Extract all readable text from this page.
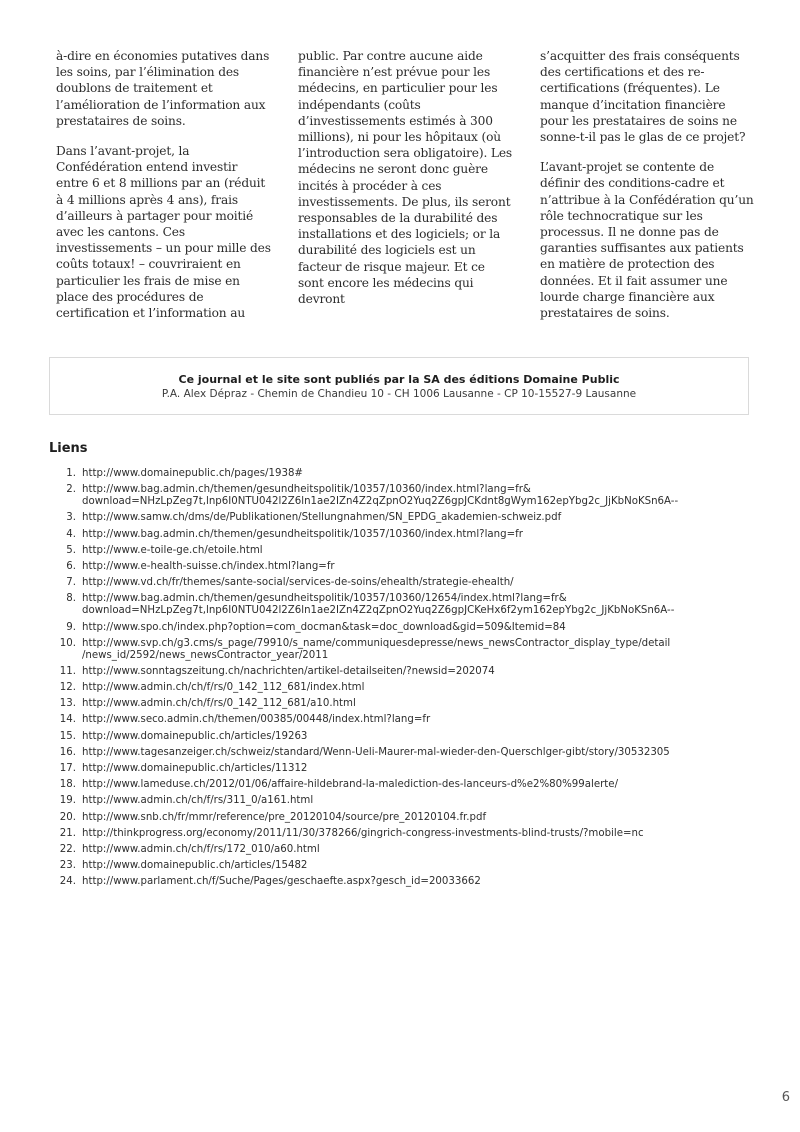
à-dire en économies putatives dans les soins, par l’élimination des doublons de traitement et l’amélioration de l’information aux prestataires de soins.

Dans l’avant-projet, la Confédération entend investir entre 6 et 8 millions par an (réduit à 4 millions après 4 ans), frais d’ailleurs à partager pour moitié avec les cantons. Ces investissements – un pour mille des coûts totaux! – couvriraient en particulier les frais de mise en place des procédures de certification et l’information au

public. Par contre aucune aide financière n’est prévue pour les médecins, en particulier pour les indépendants (coûts d’investissements estimés à 300 millions), ni pour les hôpitaux (où l’introduction sera obligatoire). Les médecins ne seront donc guère incités à procéder à ces investissements. De plus, ils seront responsables de la durabilité des installations et des logiciels; or la durabilité des logiciels est un facteur de risque majeur. Et ce sont encore les médecins qui devront

s’acquitter des frais conséquents des certifications et des re-certifications (fréquentes). Le manque d’incitation financière pour les prestataires de soins ne sonne-t-il pas le glas de ce projet?

L’avant-projet se contente de définir des conditions-cadre et n’attribue à la Confédération qu’un rôle technocratique sur les processus. Il ne donne pas de garanties suffisantes aux patients en matière de protection des données. Et il fait assumer une lourde charge financière aux prestataires de soins.

Ce journal et le site sont publiés par la SA des éditions Domaine Public
P.A. Alex Dépraz - Chemin de Chandieu 10 - CH 1006 Lausanne - CP 10-15527-9 Lausanne
Liens
1. http://www.domainepublic.ch/pages/1938#
2. http://www.bag.admin.ch/themen/gesundheitspolitik/10357/10360/index.html?lang=fr&
download=NHzLpZeg7t,lnp6I0NTU042l2Z6ln1ae2IZn4Z2qZpnO2Yuq2Z6gpJCKdnt8gWym162epYbg2c_JjKbNoKSn6A--
3. http://www.samw.ch/dms/de/Publikationen/Stellungnahmen/SN_EPDG_akademien-schweiz.pdf
4. http://www.bag.admin.ch/themen/gesundheitspolitik/10357/10360/index.html?lang=fr
5. http://www.e-toile-ge.ch/etoile.html
6. http://www.e-health-suisse.ch/index.html?lang=fr
7. http://www.vd.ch/fr/themes/sante-social/services-de-soins/ehealth/strategie-ehealth/
8. http://www.bag.admin.ch/themen/gesundheitspolitik/10357/10360/12654/index.html?lang=fr&
download=NHzLpZeg7t,lnp6I0NTU042l2Z6ln1ae2IZn4Z2qZpnO2Yuq2Z6gpJCKeHx6f2ym162epYbg2c_JjKbNoKSn6A--
9. http://www.spo.ch/index.php?option=com_docman&task=doc_download&gid=509&Itemid=84
10. http://www.svp.ch/g3.cms/s_page/79910/s_name/communiquesdepresse/news_newsContractor_display_type/detail
/news_id/2592/news_newsContractor_year/2011
11. http://www.sonntagszeitung.ch/nachrichten/artikel-detailseiten/?newsid=202074
12. http://www.admin.ch/ch/f/rs/0_142_112_681/index.html
13. http://www.admin.ch/ch/f/rs/0_142_112_681/a10.html
14. http://www.seco.admin.ch/themen/00385/00448/index.html?lang=fr
15. http://www.domainepublic.ch/articles/19263
16. http://www.tagesanzeiger.ch/schweiz/standard/Wenn-Ueli-Maurer-mal-wieder-den-Querschlger-gibt/story/30532305
17. http://www.domainepublic.ch/articles/11312
18. http://www.lameduse.ch/2012/01/06/affaire-hildebrand-la-malediction-des-lanceurs-d%e2%80%99alerte/
19. http://www.admin.ch/ch/f/rs/311_0/a161.html
20. http://www.snb.ch/fr/mmr/reference/pre_20120104/source/pre_20120104.fr.pdf
21. http://thinkprogress.org/economy/2011/11/30/378266/gingrich-congress-investments-blind-trusts/?mobile=nc
22. http://www.admin.ch/ch/f/rs/172_010/a60.html
23. http://www.domainepublic.ch/articles/15482
24. http://www.parlament.ch/f/Suche/Pages/geschaefte.aspx?gesch_id=20033662
6
